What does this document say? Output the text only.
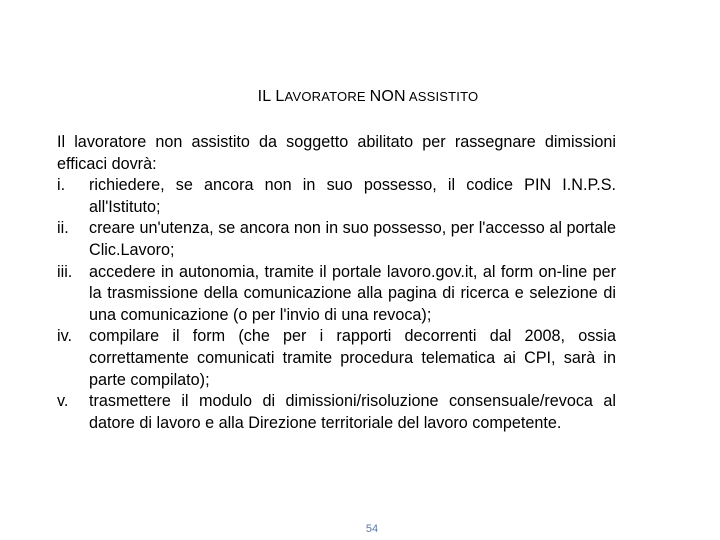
IL LAVORATORE NON ASSISTITO

Il lavoratore non assistito da soggetto abilitato per rassegnare dimissioni efficaci dovrà:

i. richiedere, se ancora non in suo possesso, il codice PIN I.N.P.S. all'Istituto;
ii. creare un'utenza, se ancora non in suo possesso, per l'accesso al portale Clic.Lavoro;
iii. accedere in autonomia, tramite il portale lavoro.gov.it, al form on-line per la trasmissione della comunicazione alla pagina di ricerca e selezione di una comunicazione (o per l'invio di una revoca);
iv. compilare il form (che per i rapporti decorrenti dal 2008, ossia correttamente comunicati tramite procedura telematica ai CPI, sarà in parte compilato);
v. trasmettere il modulo di dimissioni/risoluzione consensuale/revoca al datore di lavoro e alla Direzione territoriale del lavoro competente.
54
